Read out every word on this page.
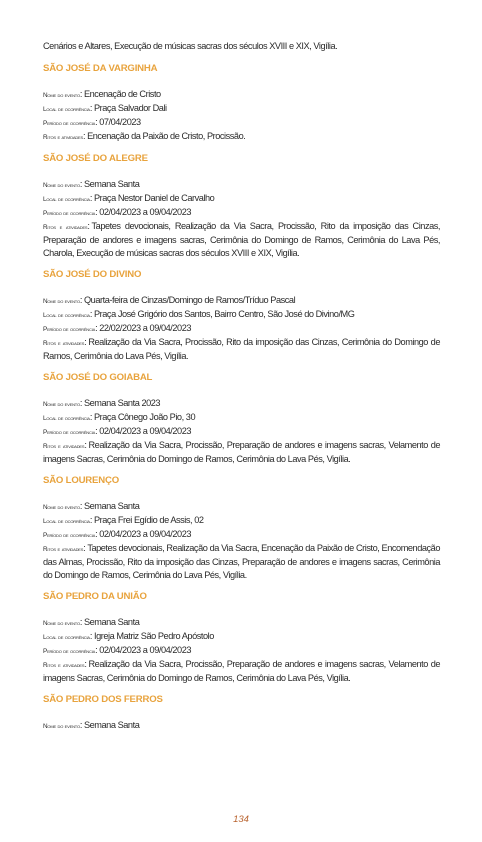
Cenários e Altares, Execução de músicas sacras dos séculos XVIII e XIX, Vigília.
SÃO JOSÉ DA VARGINHA
Nome do evento: Encenação de Cristo
Local de ocorrência: Praça Salvador Dali
Período de ocorrência: 07/04/2023
Ritos e atividades: Encenação da Paixão de Cristo, Procissão.
SÃO JOSÉ DO ALEGRE
Nome do evento: Semana Santa
Local de ocorrência: Praça Nestor Daniel de Carvalho
Período de ocorrência: 02/04/2023 a 09/04/2023
Ritos e atividades: Tapetes devocionais, Realização da Via Sacra, Procissão, Rito da imposição das Cinzas, Preparação de andores e imagens sacras, Cerimônia do Domingo de Ramos, Cerimônia do Lava Pés, Charola, Execução de músicas sacras dos séculos XVIII e XIX, Vigília.
SÃO JOSÉ DO DIVINO
Nome do evento: Quarta-feira de Cinzas/Domingo de Ramos/Tríduo Pascal
Local de ocorrência: Praça José Grigório dos Santos, Bairro Centro, São José do Divino/MG
Período de ocorrência: 22/02/2023 a 09/04/2023
Ritos e atividades: Realização da Via Sacra, Procissão, Rito da imposição das Cinzas, Cerimônia do Domingo de Ramos, Cerimônia do Lava Pés, Vigília.
SÃO JOSÉ DO GOIABAL
Nome do evento: Semana Santa 2023
Local de ocorrência: Praça Cônego João Pio, 30
Período de ocorrência: 02/04/2023 a 09/04/2023
Ritos e atividades: Realização da Via Sacra, Procissão, Preparação de andores e imagens sacras, Velamento de imagens Sacras, Cerimônia do Domingo de Ramos, Cerimônia do Lava Pés, Vigília.
SÃO LOURENÇO
Nome do evento: Semana Santa
Local de ocorrência: Praça Frei Egídio de Assis, 02
Período de ocorrência: 02/04/2023 a 09/04/2023
Ritos e atividades: Tapetes devocionais, Realização da Via Sacra, Encenação da Paixão de Cristo, Encomendação das Almas, Procissão, Rito da imposição das Cinzas, Preparação de andores e imagens sacras, Cerimônia do Domingo de Ramos, Cerimônia do Lava Pés, Vigília.
SÃO PEDRO DA UNIÃO
Nome do evento: Semana Santa
Local de ocorrência: Igreja Matriz São Pedro Apóstolo
Período de ocorrência: 02/04/2023 a 09/04/2023
Ritos e atividades: Realização da Via Sacra, Procissão, Preparação de andores e imagens sacras, Velamento de imagens Sacras, Cerimônia do Domingo de Ramos, Cerimônia do Lava Pés, Vigília.
SÃO PEDRO DOS FERROS
Nome do evento: Semana Santa
134
